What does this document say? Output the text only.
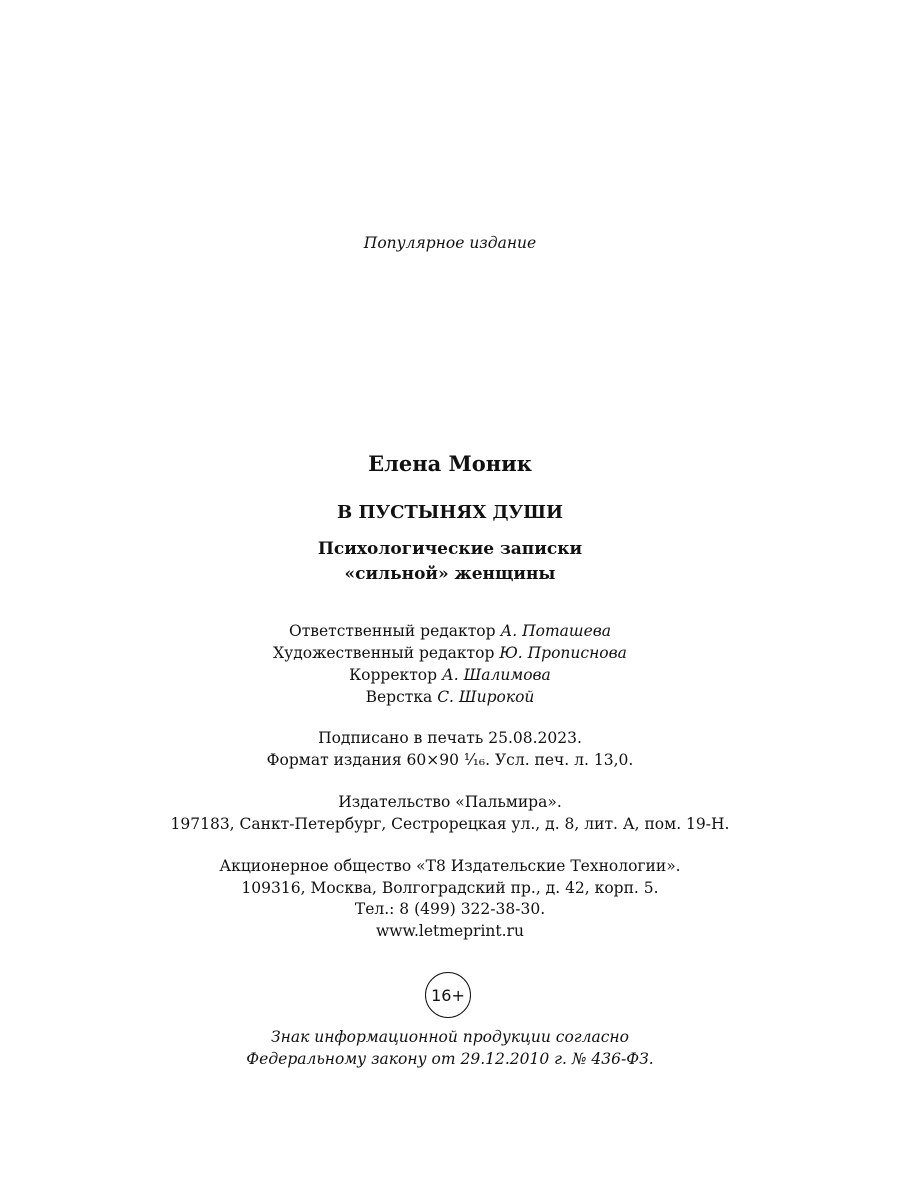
Популярное издание
Елена Моник
В ПУСТЫНЯХ ДУШИ
Психологические записки
«сильной» женщины
Ответственный редактор А. Поташева
Художественный редактор Ю. Прописнова
Корректор А. Шалимова
Верстка С. Широкой
Подписано в печать 25.08.2023.
Формат издания 60×90 ¹⁄₁₆. Усл. печ. л. 13,0.
Издательство «Пальмира».
197183, Санкт-Петербург, Сестрорецкая ул., д. 8, лит. А, пом. 19-Н.
Акционерное общество «Т8 Издательские Технологии».
109316, Москва, Волгоградский пр., д. 42, корп. 5.
Тел.: 8 (499) 322-38-30.
www.letmeprint.ru
16+
Знак информационной продукции согласно
Федеральному закону от 29.12.2010 г. № 436-ФЗ.
